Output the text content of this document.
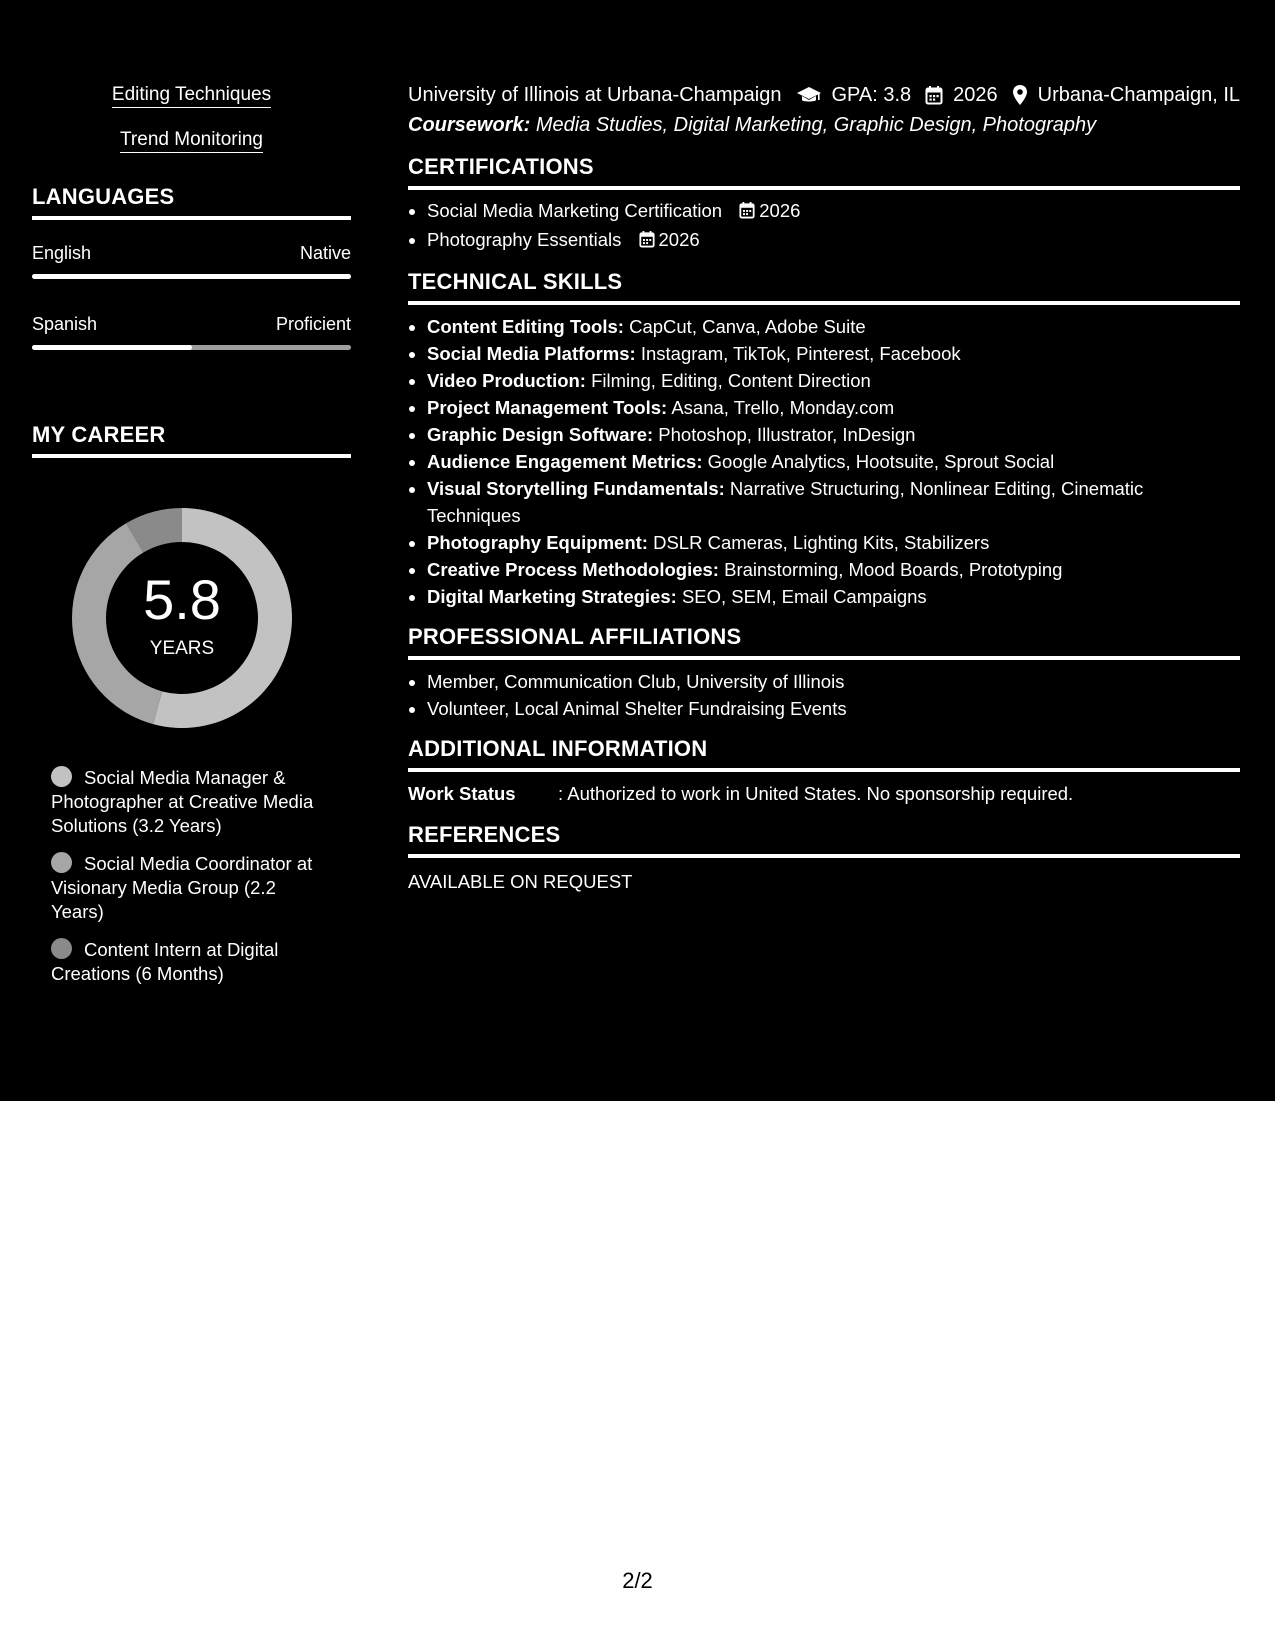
Editing Techniques
Trend Monitoring
LANGUAGES
English	Native
Spanish	Proficient
MY CAREER
5.8
YEARS
Social Media Manager & Photographer at Creative Media Solutions (3.2 Years)
Social Media Coordinator at Visionary Media Group (2.2 Years)
Content Intern at Digital Creations (6 Months)
University of Illinois at Urbana-Champaign	GPA: 3.8 2026 Urbana-Champaign, IL
Coursework: Media Studies, Digital Marketing, Graphic Design, Photography
CERTIFICATIONS
• Social Media Marketing Certification 2026
• Photography Essentials 2026
TECHNICAL SKILLS
• Content Editing Tools: CapCut, Canva, Adobe Suite
• Social Media Platforms: Instagram, TikTok, Pinterest, Facebook
• Video Production: Filming, Editing, Content Direction
• Project Management Tools: Asana, Trello, Monday.com
• Graphic Design Software: Photoshop, Illustrator, InDesign
• Audience Engagement Metrics: Google Analytics, Hootsuite, Sprout Social
• Visual Storytelling Fundamentals: Narrative Structuring, Nonlinear Editing, Cinematic Techniques
• Photography Equipment: DSLR Cameras, Lighting Kits, Stabilizers
• Creative Process Methodologies: Brainstorming, Mood Boards, Prototyping
• Digital Marketing Strategies: SEO, SEM, Email Campaigns
PROFESSIONAL AFFILIATIONS
• Member, Communication Club, University of Illinois
• Volunteer, Local Animal Shelter Fundraising Events
ADDITIONAL INFORMATION
Work Status	: Authorized to work in United States. No sponsorship required.
REFERENCES
AVAILABLE ON REQUEST
2/2
